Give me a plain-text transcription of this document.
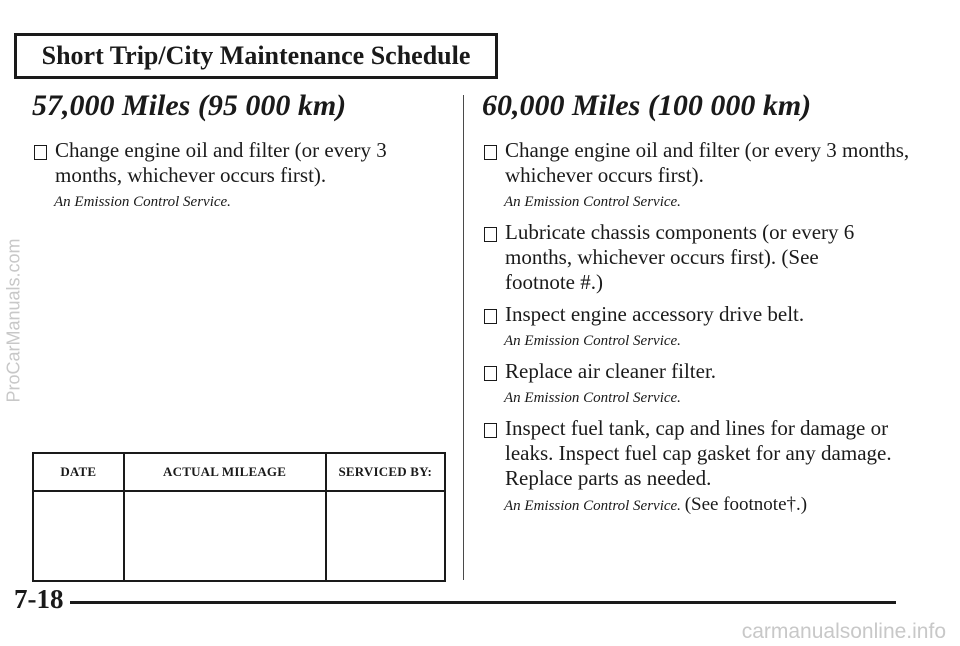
Short Trip/City Maintenance Schedule
57,000 Miles (95 000 km)
Change engine oil and filter (or every 3 months, whichever occurs first).
An Emission Control Service.
60,000 Miles (100 000 km)
Change engine oil and filter (or every 3 months, whichever occurs first).
An Emission Control Service.
Lubricate chassis components (or every 6 months, whichever occurs first). (See footnote #.)
Inspect engine accessory drive belt.
An Emission Control Service.
Replace air cleaner filter.
An Emission Control Service.
Inspect fuel tank, cap and lines for damage or leaks. Inspect fuel cap gasket for any damage. Replace parts as needed.
An Emission Control Service. (See footnote†.)
DATE	ACTUAL MILEAGE	SERVICED BY:

7-18
ProCarManuals.com
carmanualsonline.info
